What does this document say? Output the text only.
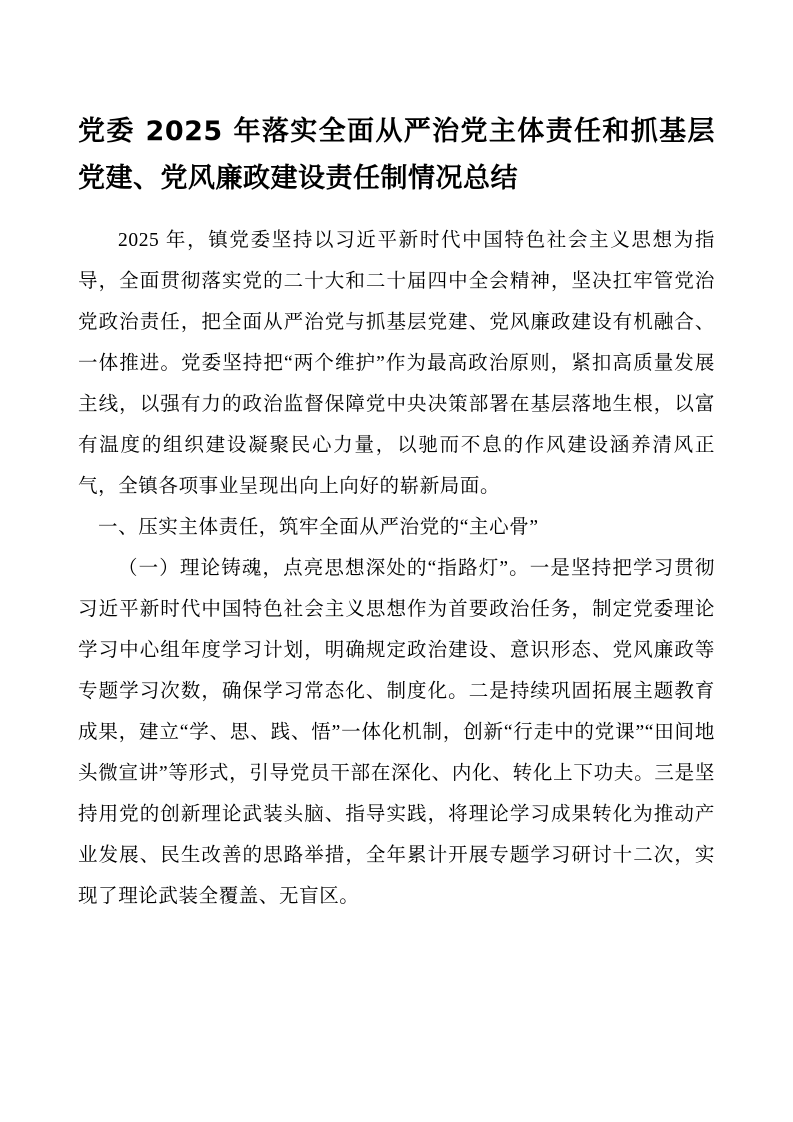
党委 2025 年落实全面从严治党主体责任和抓基层党建、党风廉政建设责任制情况总结

2025 年，镇党委坚持以习近平新时代中国特色社会主义思想为指导，全面贯彻落实党的二十大和二十届四中全会精神，坚决扛牢管党治党政治责任，把全面从严治党与抓基层党建、党风廉政建设有机融合、一体推进。党委坚持把“两个维护”作为最高政治原则，紧扣高质量发展主线，以强有力的政治监督保障党中央决策部署在基层落地生根，以富有温度的组织建设凝聚民心力量，以驰而不息的作风建设涵养清风正气，全镇各项事业呈现出向上向好的崭新局面。

一、压实主体责任，筑牢全面从严治党的“主心骨”

（一）理论铸魂，点亮思想深处的“指路灯”。一是坚持把学习贯彻习近平新时代中国特色社会主义思想作为首要政治任务，制定党委理论学习中心组年度学习计划，明确规定政治建设、意识形态、党风廉政等专题学习次数，确保学习常态化、制度化。二是持续巩固拓展主题教育成果，建立“学、思、践、悟”一体化机制，创新“行走中的党课”“田间地头微宣讲”等形式，引导党员干部在深化、内化、转化上下功夫。三是坚持用党的创新理论武装头脑、指导实践，将理论学习成果转化为推动产业发展、民生改善的思路举措，全年累计开展专题学习研讨十二次，实现了理论武装全覆盖、无盲区。
